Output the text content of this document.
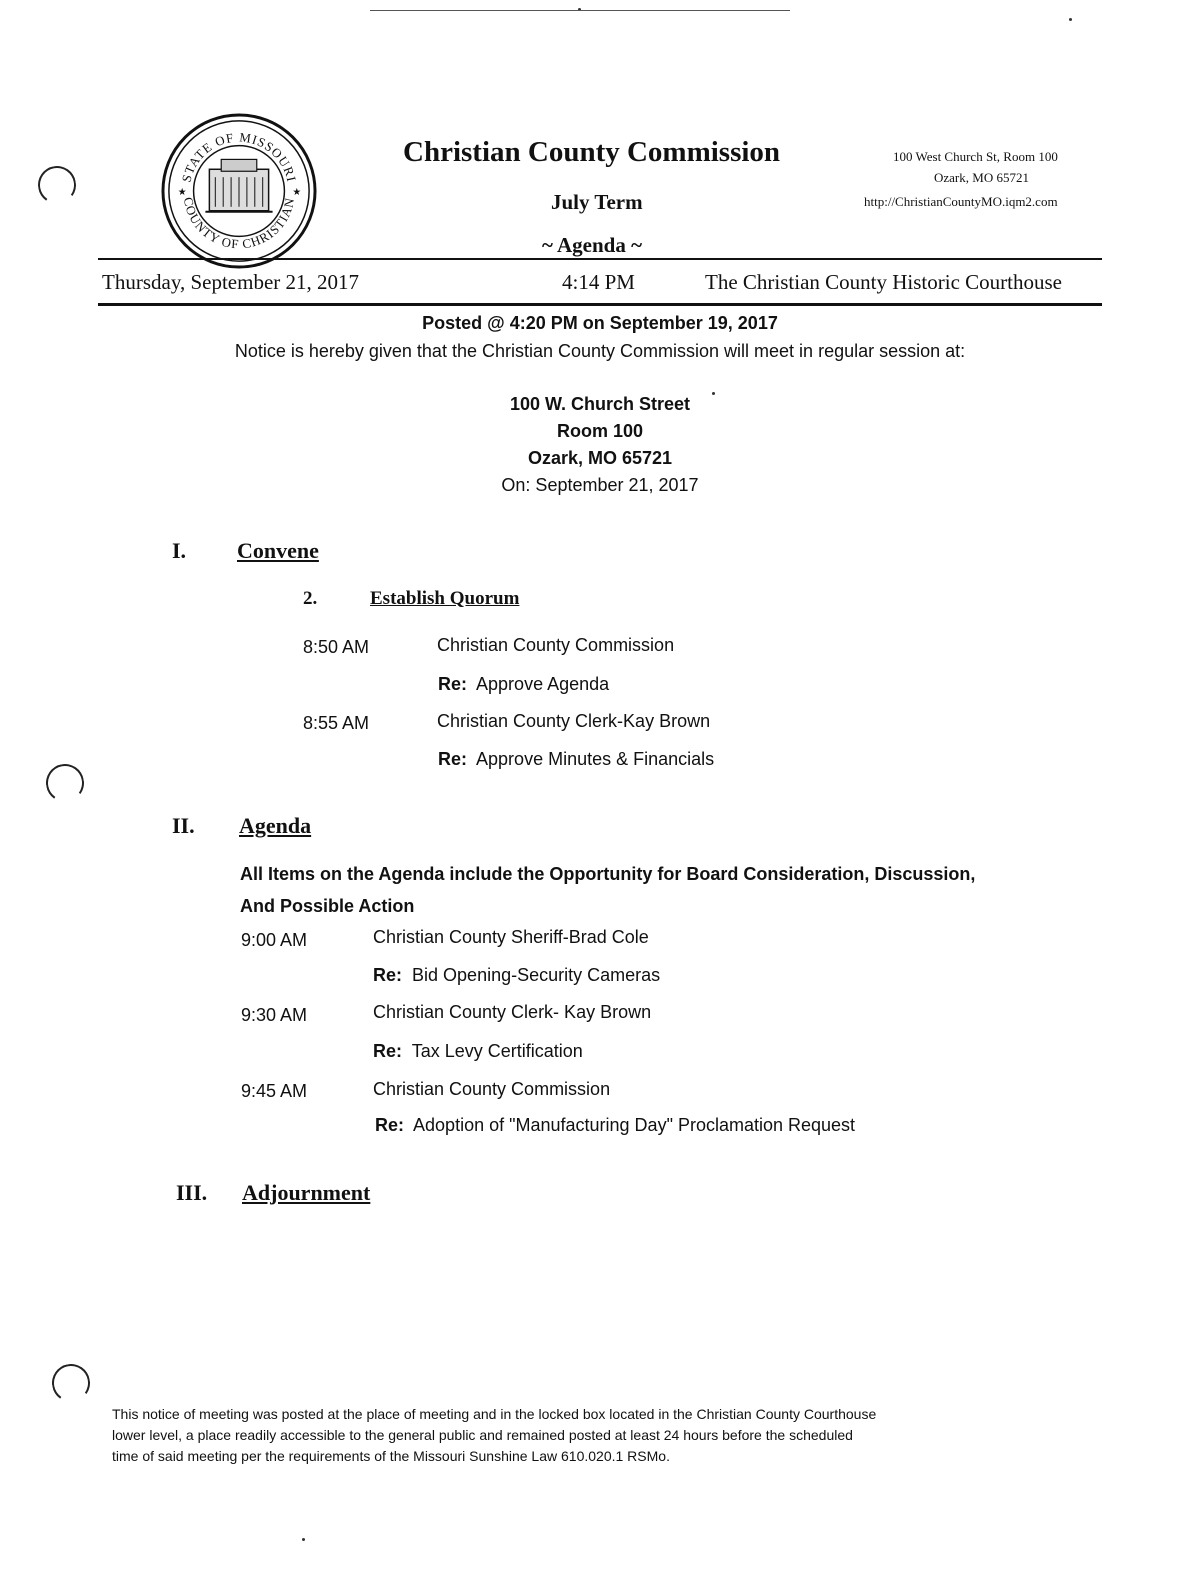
STATE OF MISSOURI
COUNTY OF CHRISTIAN
★	★
Christian County Commission
July Term
~ Agenda ~
100 West Church St, Room 100
Ozark, MO 65721
http://ChristianCountyMO.iqm2.com
Thursday, September 21, 2017	4:14 PM	The Christian County Historic Courthouse
Posted @ 4:20 PM on September 19, 2017
Notice is hereby given that the Christian County Commission will meet in regular session at:
100 W. Church Street
Room 100
Ozark, MO 65721
On: September 21, 2017
I. Convene
2.	Establish Quorum
8:50 AM	Christian County Commission
Re: Approve Agenda
8:55 AM	Christian County Clerk-Kay Brown
Re: Approve Minutes & Financials
II. Agenda
All Items on the Agenda include the Opportunity for Board Consideration, Discussion,
And Possible Action
9:00 AM	Christian County Sheriff-Brad Cole
Re: Bid Opening-Security Cameras
9:30 AM	Christian County Clerk- Kay Brown
Re: Tax Levy Certification
9:45 AM	Christian County Commission
Re: Adoption of "Manufacturing Day" Proclamation Request
III. Adjournment
This notice of meeting was posted at the place of meeting and in the locked box located in the Christian County Courthouse
lower level, a place readily accessible to the general public and remained posted at least 24 hours before the scheduled
time of said meeting per the requirements of the Missouri Sunshine Law 610.020.1 RSMo.
